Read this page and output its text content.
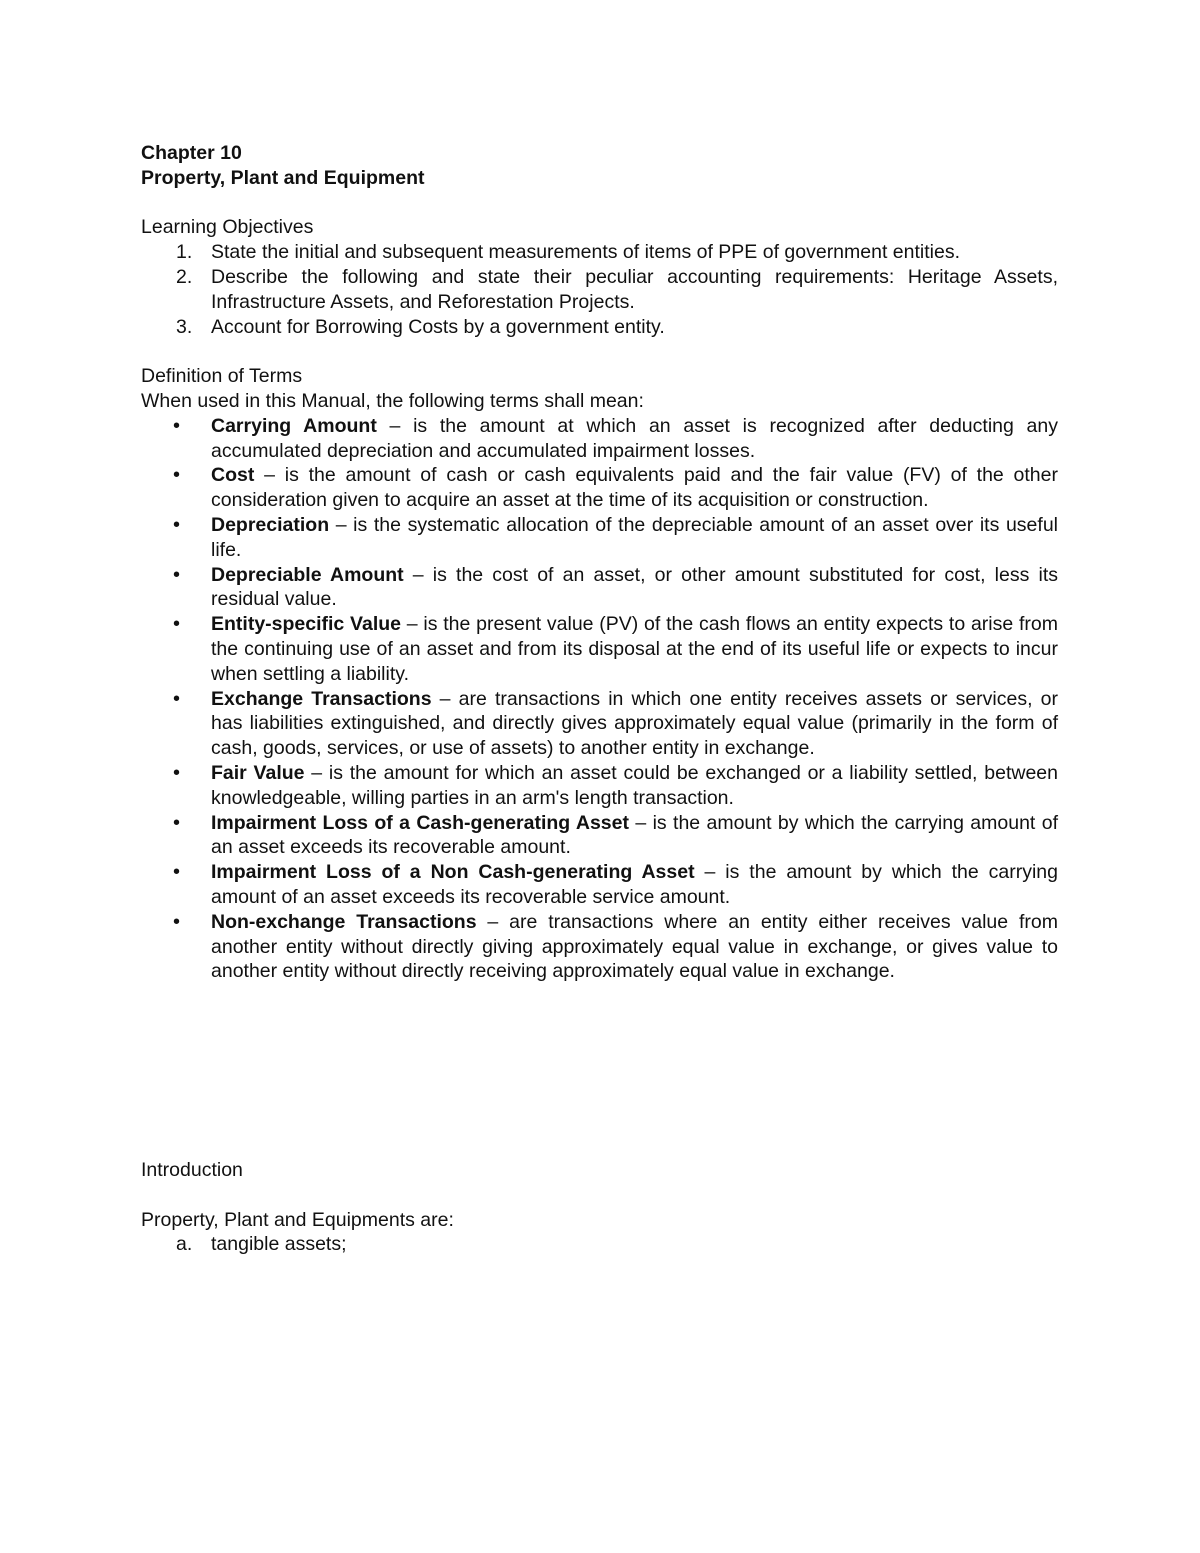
Chapter 10
Property, Plant and Equipment
Learning Objectives
1. State the initial and subsequent measurements of items of PPE of government entities.
2. Describe the following and state their peculiar accounting requirements: Heritage Assets, Infrastructure Assets, and Reforestation Projects.
3. Account for Borrowing Costs by a government entity.
Definition of Terms
When used in this Manual, the following terms shall mean:
• Carrying Amount – is the amount at which an asset is recognized after deducting any accumulated depreciation and accumulated impairment losses.
• Cost – is the amount of cash or cash equivalents paid and the fair value (FV) of the other consideration given to acquire an asset at the time of its acquisition or construction.
• Depreciation – is the systematic allocation of the depreciable amount of an asset over its useful life.
• Depreciable Amount – is the cost of an asset, or other amount substituted for cost, less its residual value.
• Entity-specific Value – is the present value (PV) of the cash flows an entity expects to arise from the continuing use of an asset and from its disposal at the end of its useful life or expects to incur when settling a liability.
• Exchange Transactions – are transactions in which one entity receives assets or services, or has liabilities extinguished, and directly gives approximately equal value (primarily in the form of cash, goods, services, or use of assets) to another entity in exchange.
• Fair Value – is the amount for which an asset could be exchanged or a liability settled, between knowledgeable, willing parties in an arm's length transaction.
• Impairment Loss of a Cash-generating Asset – is the amount by which the carrying amount of an asset exceeds its recoverable amount.
• Impairment Loss of a Non Cash-generating Asset – is the amount by which the carrying amount of an asset exceeds its recoverable service amount.
• Non-exchange Transactions – are transactions where an entity either receives value from another entity without directly giving approximately equal value in exchange, or gives value to another entity without directly receiving approximately equal value in exchange.
Introduction
Property, Plant and Equipments are:
a. tangible assets;
